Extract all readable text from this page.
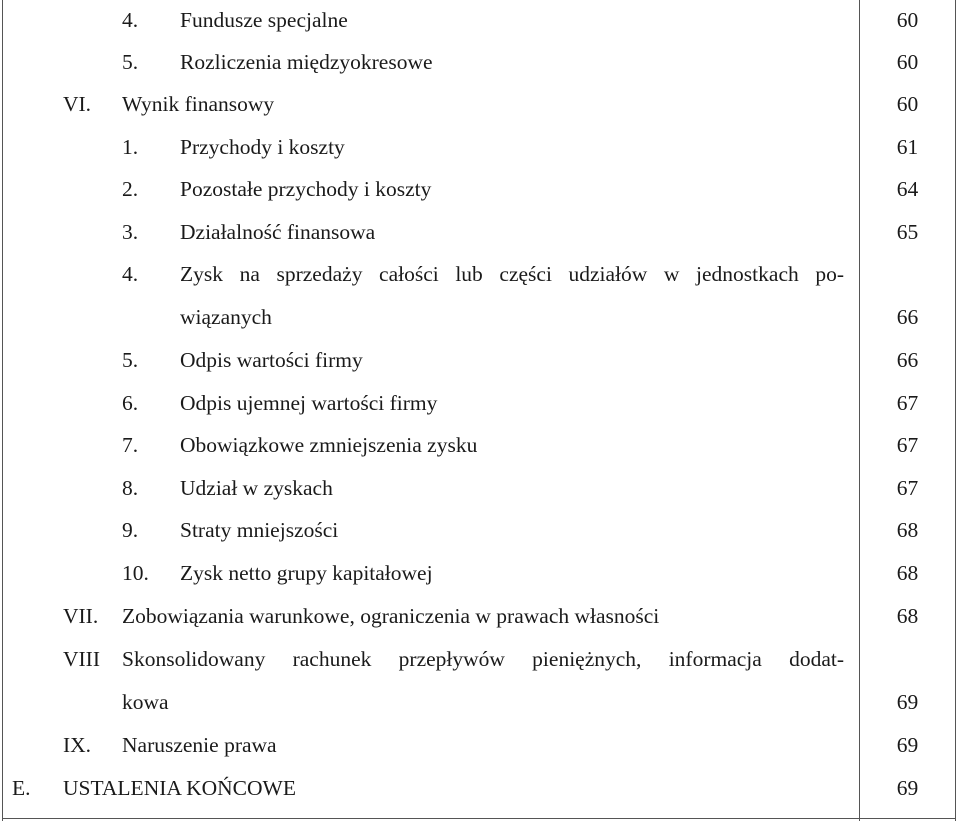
4. Fundusze specjalne	60
5. Rozliczenia międzyokresowe	60
VI. Wynik finansowy	60
1. Przychody i koszty	61
2. Pozostałe przychody i koszty	64
3. Działalność finansowa	65
4. Zysk na sprzedaży całości lub części udziałów w jednostkach po-
wiązanych	66
5. Odpis wartości firmy	66
6. Odpis ujemnej wartości firmy	67
7. Obowiązkowe zmniejszenia zysku	67
8. Udział w zyskach	67
9. Straty mniejszości	68
10. Zysk netto grupy kapitałowej	68
VII. Zobowiązania warunkowe, ograniczenia w prawach własności	68
VIII Skonsolidowany rachunek przepływów pieniężnych, informacja dodat-
kowa	69
IX. Naruszenie prawa	69
E. USTALENIA KOŃCOWE	69
